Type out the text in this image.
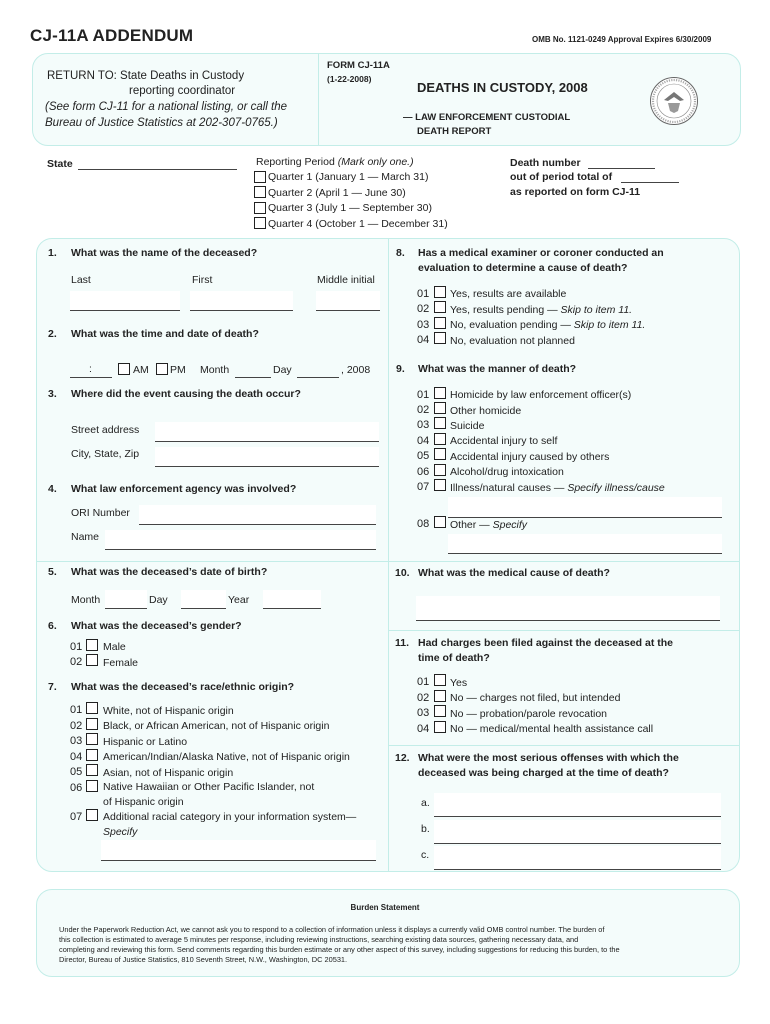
CJ-11A ADDENDUM	OMB No. 1121-0249 Approval Expires 6/30/2009
RETURN TO: State Deaths in Custody
reporting coordinator
(See form CJ-11 for a national listing, or call the
Bureau of Justice Statistics at 202-307-0765.)
FORM CJ-11A
(1-22-2008)
DEATHS IN CUSTODY, 2008
— LAW ENFORCEMENT CUSTODIAL
DEATH REPORT
State	Reporting Period (Mark only one.)
Quarter 1 (January 1 — March 31)
Quarter 2 (April 1 — June 30)
Quarter 3 (July 1 — September 30)
Quarter 4 (October 1 — December 31)
Death number
out of period total of
as reported on form CJ-11
1. What was the name of the deceased?
Last	First	Middle initial
2. What was the time and date of death?
:	AM PM Month	Day	, 2008
3. Where did the event causing the death occur?
Street address
City, State, Zip
4. What law enforcement agency was involved?
ORI Number
Name
5. What was the deceased’s date of birth?
Month	Day	Year
6. What was the deceased’s gender?
01 Male
02 Female
7. What was the deceased’s race/ethnic origin?
01 White, not of Hispanic origin
02 Black, or African American, not of Hispanic origin
03 Hispanic or Latino
04 American/Indian/Alaska Native, not of Hispanic origin
05 Asian, not of Hispanic origin
06 Native Hawaiian or Other Pacific Islander, not
of Hispanic origin
07 Additional racial category in your information system—
Specify
8. Has a medical examiner or coroner conducted an
evaluation to determine a cause of death?
01 Yes, results are available
02 Yes, results pending — Skip to item 11.
03 No, evaluation pending — Skip to item 11.
04 No, evaluation not planned
9. What was the manner of death?
01 Homicide by law enforcement officer(s)
02 Other homicide
03 Suicide
04 Accidental injury to self
05 Accidental injury caused by others
06 Alcohol/drug intoxication
07 Illness/natural causes — Specify illness/cause
08 Other — Specify
10. What was the medical cause of death?
11. Had charges been filed against the deceased at the
time of death?
01 Yes
02 No — charges not filed, but intended
03 No — probation/parole revocation
04 No — medical/mental health assistance call
12. What were the most serious offenses with which the
deceased was being charged at the time of death?
a.
b.
c.
Burden Statement
Under the Paperwork Reduction Act, we cannot ask you to respond to a collection of information unless it displays a currently valid OMB control number. The burden of
this collection is estimated to average 5 minutes per response, including reviewing instructions, searching existing data sources, gathering necessary data, and
completing and reviewing this form. Send comments regarding this burden estimate or any other aspect of this survey, including suggestions for reducing this burden, to the
Director, Bureau of Justice Statistics, 810 Seventh Street, N.W., Washington, DC 20531.
